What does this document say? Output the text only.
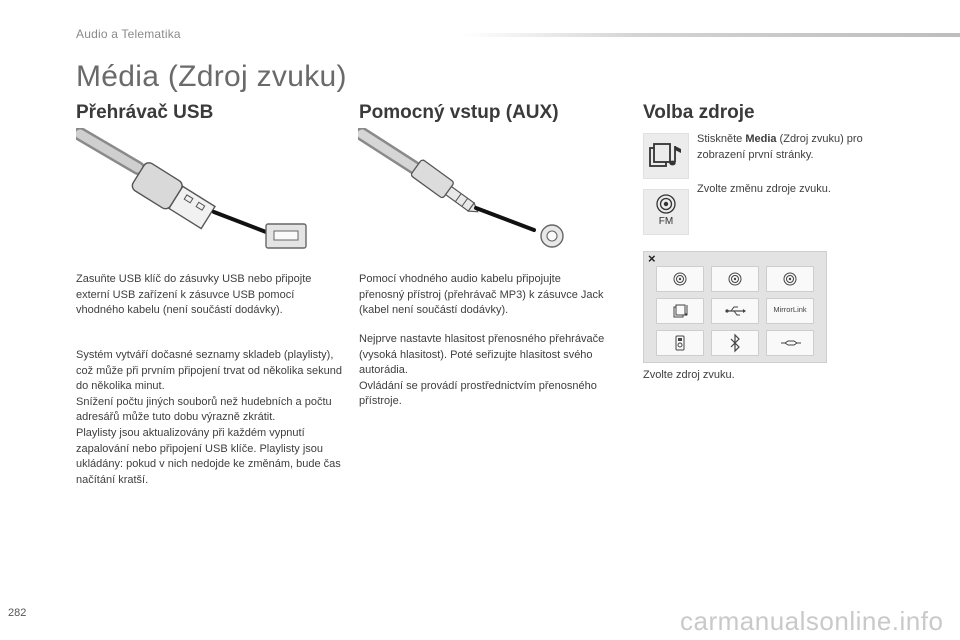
Audio a Telematika
Média (Zdroj zvuku)
Přehrávač USB

Zasuňte USB klíč do zásuvky USB nebo připojte externí USB zařízení k zásuvce USB pomocí vhodného kabelu (není součástí dodávky).

Systém vytváří dočasné seznamy skladeb (playlisty), což může při prvním připojení trvat od několika sekund do několika minut.
Snížení počtu jiných souborů než hudebních a počtu adresářů může tuto dobu výrazně zkrátit.
Playlisty jsou aktualizovány při každém vypnutí zapalování nebo připojení USB klíče. Playlisty jsou ukládány: pokud v nich nedojde ke změnám, bude čas načítání kratší.

Pomocný vstup (AUX)

Pomocí vhodného audio kabelu připojujte přenosný přístroj (přehrávač MP3) k zásuvce Jack (kabel není součástí dodávky).

Nejprve nastavte hlasitost přenosného přehrávače (vysoká hlasitost). Poté seřizujte hlasitost svého autorádia.
Ovládání se provádí prostřednictvím přenosného přístroje.

Volba zdroje
Stiskněte Media (Zdroj zvuku) pro zobrazení první stránky.
FM
Zvolte změnu zdroje zvuku.
×
MirrorLink
Zvolte zdroj zvuku.
282	carmanualsonline.info
